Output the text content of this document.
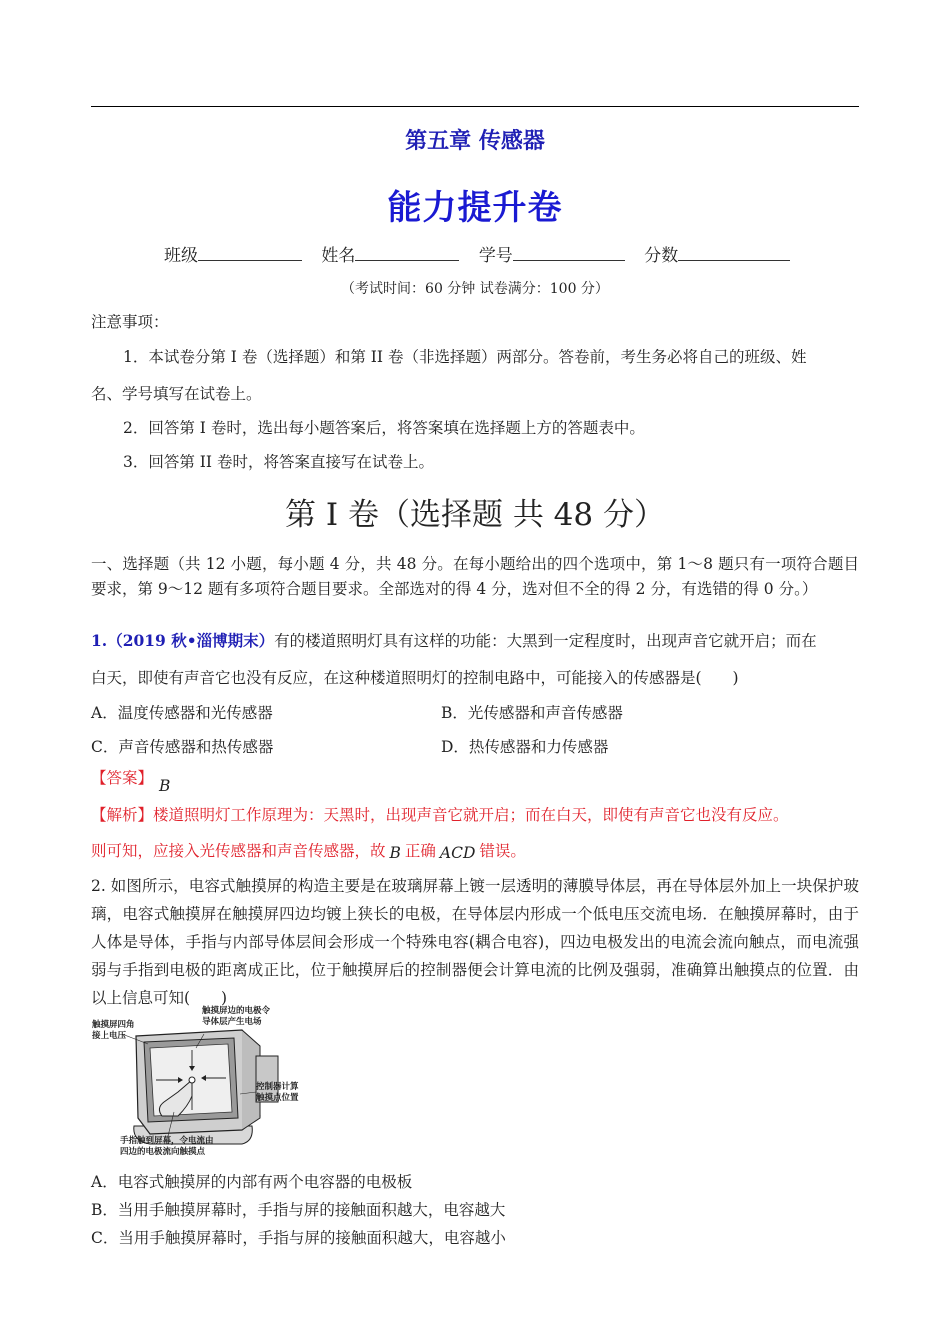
第五章 传感器
能力提升卷
班级	姓名	学号	分数
（考试时间：60 分钟 试卷满分：100 分）
注意事项：
1．本试卷分第 I 卷（选择题）和第 II 卷（非选择题）两部分。答卷前，考生务必将自己的班级、姓
名、学号填写在试卷上。
2．回答第 I 卷时，选出每小题答案后，将答案填在选择题上方的答题表中。
3．回答第 II 卷时，将答案直接写在试卷上。
第 I 卷（选择题 共 48 分）
一、选择题（共 12 小题，每小题 4 分，共 48 分。在每小题给出的四个选项中，第 1～8 题只有一项符合题目要求，第 9～12 题有多项符合题目要求。全部选对的得 4 分，选对但不全的得 2 分，有选错的得 0 分。）
1.（2019 秋•淄博期末）有的楼道照明灯具有这样的功能：大黑到一定程度时，出现声音它就开启；而在
白天，即使有声音它也没有反应，在这种楼道照明灯的控制电路中，可能接入的传感器是(　　)
A．温度传感器和光传感器	B．光传感器和声音传感器
C．声音传感器和热传感器	D．热传感器和力传感器
【答案】 B
【解析】楼道照明灯工作原理为：天黑时，出现声音它就开启；而在白天，即使有声音它也没有反应。
则可知，应接入光传感器和声音传感器，故 B 正确 ACD 错误。
2. 如图所示，电容式触摸屏的构造主要是在玻璃屏幕上镀一层透明的薄膜导体层，再在导体层外加上一块保护玻璃，电容式触摸屏在触摸屏四边均镀上狭长的电极，在导体层内形成一个低电压交流电场．在触摸屏幕时，由于人体是导体，手指与内部导体层间会形成一个特殊电容(耦合电容)，四边电极发出的电流会流向触点，而电流强弱与手指到电极的距离成正比，位于触摸屏后的控制器便会计算电流的比例及强弱，准确算出触摸点的位置．由以上信息可知(　　)
触摸屏四角
接上电压
触摸屏边的电极令
导体层产生电场
控制器计算
触摸点位置
手指触到屏幕，令电流由
四边的电极流向触摸点
A．电容式触摸屏的内部有两个电容器的电极板
B．当用手触摸屏幕时，手指与屏的接触面积越大，电容越大
C．当用手触摸屏幕时，手指与屏的接触面积越大，电容越小
